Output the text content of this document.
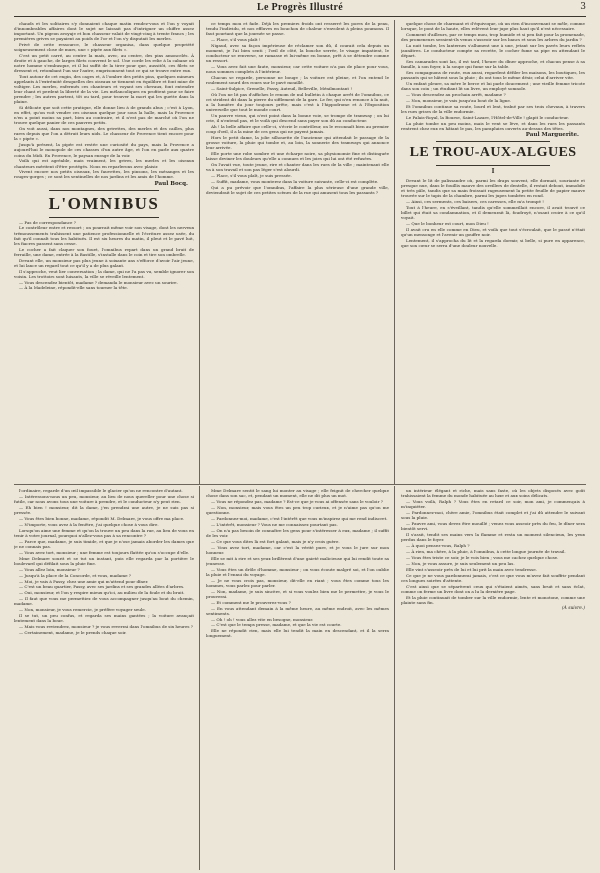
Le Progrès Illustré	3

chauds et les solitaires s'y donnaient chaque matin rendez-vous et l'on y voyait d'innombrables affaires dont le sujet ne laissait pas d'intriguer un chiffre assez important. Un pigeon avoyaje et bon chasseur valait de vingt-cinq à trente francs ; les premières grives se payaient au poids de l'or et l'on s'y disputait les merles.

Privé de cette ressource, le chasseur organisa, dans quelque propriété soigneusement close de murs, une « pipée aux filets ».

C'est un petit carré, au centre la maïs, avec, au centre, des pins amoncelés. À droite et à gauche, de larges filets couvrent le sol. Une corde les relie à la cabane où notre homme s'embusque, et il lui suffit de la tirer pour que, aussitôt, ces filets se dressent et, retombant l'un sur l'autre, emprisonnent tout ce qui se trouve entre eux.

Tout autour de cet engin, des cages et, à l'ombre des petits pins, quelques mineurs appelants à l'extrémité desquelles des oiseaux se tiennent en équilibre et font mine de voltiger. Les merles, enfermés ces chanteurs et voyant ses chevaux, font entendre leur chant et perdent la liberté de la vie. Les mélancoliques en profitent pour se faire prendre ; les autres partent, tôt ou tard, pour trouver la mort qui les guette dans la plaine.

Si délicate que soit cette pratique, elle donne lieu à de grands abus ; c'est à Lyon, en effet, qu'on voit vendre ces oiseaux quelque jour sous la halle, mais la Provence n'en a point moins sa part, bien au contraire, et il n'est pas de marché où l'on ne trouve quelque panier de ces pauvres petits.

On voit aussi, dans nos montagnes, des grivettes, des merles et des cailles, plus rares depuis que l'on a détruit leurs nids. Le chasseur de Provence tient encore pour la « pipée ».

Jusqu'à présent, la pipée est restée une curiosité du pays, mais la Provence a aujourd'hui le monopole de ces chasses d'un autre âge, et l'on en parle aux quatre coins du Midi. En Provence, le paysan enrage de la voir.

Voilà qui est agréable, mais vraiment, les grives, les merles et les oiseaux chanteurs méritent d'être protégés. Nous en reparlerons avec plaisir.

Vivent encore nos petits oiseaux, les fauvettes, les pinsons, les mésanges et les rouges-gorges ; ce sont les sentinelles de nos jardins et les amis de l'homme.

Paul Bocq.
L'OMNIBUS

— Pas de correspondance ?

Le contrôleur entre et ressort ; on pourrait même voir son visage, dont les nerveux trémoussements trahissent une patience professionnelle et l'écriture assez usée, du fait qu'il connaît tous les habitués. Il est six heures du matin, il pleut et le pavé luit, les fiacres passent sans cesse.

Le cocher a fait claquer son fouet, l'omnibus repart dans un grand bruit de ferraille, une dame, entrée à la Bastille, s'installe dans le coin et tire son ombrelle.

Devant elle, un monsieur pas plus jeune à soixante ans s'efforce d'avoir l'air jeune, et lui lance un regard tout ce qu'il y a de plus galant.

Il s'approche, veut lier conversation ; la dame, qui ne l'a pas vu, semble ignorer son voisin. Les trottoirs sont luisants, la ville se réveille lentement.

— Vous descendez bientôt, madame ? demanda le monsieur avec un sourire.

— À la Madeleine, répondit-elle sans tourner la tête.

ce temps mou et fade. Déjà les premiers froids ont resserré les pores de la peau, tendu l'individu, et nos effluves en bouchon de chaleur s'envolent à pleins poumons. Il faut pourtant que la journée se passe.

— Place, s'il vous plaît !

Nigaud, avec sa façon impérieuse de réclamer son dû, il courait cela depuis un moment, je l'ai bien senti ; l'œil de côté, la bouche serrée, le visage impatient, le conducteur se renverse, se ramasse et lui-même en bonne, prêt à se détendre comme un ressort.

— Vous avez fait une faute, monsieur, car cette voiture n'a pas de place pour vous, nous sommes complets à l'intérieur.

Chacun se regarde, personne ne bouge ; la voiture est pleine, et l'on entend le roulement sourd des roues sur le pavé mouillé.

— Saint-Sulpice, Grenelle, Passy, Auteuil, Belleville, Ménilmontant !

Où l'on ne lit pas d'affiches le renom de nul bulletin à chaque arrêt de l'omnibus, ce cri strident dit dans la pierre du sifflement de la gare. Le fer, qui n'en renonce à la nuit, a la lumière du jour toujours prête, mais c'est à l'hippodrome et à l'Exposition universelle que tout le monde court.

Un pauvre vieux, qui n'est point dans la bonne voie, se trompe de tramway ; on lui crie, il n'entend pas, et le voilà qui descend sans payer son dû au conducteur.

Ah ! la belle affaire que celle-ci, s'écrie le contrôleur, on le reconnaît bien au premier coup d'œil, il a la mine de ces gens qui ne payent jamais.

Hors le petit dame, la jolie silhouette de l'ancienne qui attendait le passage de la grosse voiture, la pluie qui tombe et, au loin, la sonnerie des tramways qui annonce leur arrivée.

Elle porte une robe sombre et une écharpe noire, sa physionomie fine et distinguée laisse deviner les douleurs qu'elle a connues et les joies qui lui ont été refusées.

On l'avait vue, toute jeune, rire et chanter dans les rues de la ville ; maintenant elle va à son travail et son pas léger s'est alourdi.

— Place, s'il vous plaît, je suis pressée.

— Suffit, madame, vous monterez dans la voiture suivante, celle-ci est complète.

Qui a pu prévoir que l'omnibus, l'affaire la plus sérieuse d'une grande ville, deviendrait le sujet de ces petites scènes de la rue qui amusent tous les passants ?

quelque chose de charmant et d'équivoque, où un rien d'inconvenant se mêle, comme lorsque, le pont de la haute, elles relèvent leur jupe plus haut qu'il n'est nécessaire.

Comment d'ailleurs, par ce temps mou, trop humide et si peu fait pour la promenade, des promeneurs seraient-ils venus s'asseoir sur les bancs et sous les arbres du jardin ?

La nuit tombe, les lanternes s'allument une à une, jetant sur les pavés leurs reflets jaunâtres. Le conducteur compte sa recette, le cocher fume sa pipe en attendant le départ.

Ses camarades sont las, il est tard, l'heure du dîner approche, et chacun pense à sa famille, à son foyer, à la soupe qui fume sur la table.

Ses compagnons de route, eux aussi, regardent défiler les maisons, les boutiques, les passants qui se hâtent sous la pluie ; ils ont tous le même désir, celui d'arriver vite.

Un enfant pleure, sa mère le berce et lui parle doucement ; une vieille femme tricote dans son coin ; un étudiant lit un livre, un employé somnole.

— Vous descendez au prochain arrêt, madame ?

— Non, monsieur, je vais jusqu'au bout de la ligne.

Et l'omnibus continue sa route, lourd et lent, traîné par ses trois chevaux, à travers les rues grises de la ville endormie.

Le Palais-Royal, la Bourse, Saint-Lazare, l'Hôtel-de-Ville ! glapit le conducteur.

La pluie tombe un peu moins, mais le vent se lève, et dans les rues les passants rentrent chez eux en hâtant le pas, les parapluies ouverts au-dessus des têtes.

Paul Marguerite.
LE TROU-AUX-ALGUES
I

Devant le lit de palissandre où, parmi les draps souvent, elle dormait, souriante et presque nue, dans le fouillis mauve des oreillers de dentelle, il restait debout, immobile et très pâle, tandis que sa main froissait rageusement la petite feuille de papier mauve trouvée sur le tapis de la chambre, parmi les jupes tombées en rond.

— Ainsi, ces serments, ces baisers, ces caresses, elle m'a trompé !

Tout à l'heure, en s'éveillant, tandis qu'elle sommeillait encore, il avait trouvé ce billet qui était sa condamnation, et il demeurait là, foudroyé, n'osant croire à ce qu'il voyait.

— Que le bonheur est court, mon Dieu !

Il avait cru en elle comme en Dieu, et voilà que tout s'écroulait, que le passé n'était qu'un mensonge et l'avenir un gouffre noir.

Lentement, il s'approcha du lit et la regarda dormir, si belle, si pure en apparence, que son cœur se serra d'une douleur nouvelle.

l'ordinaire, regarde d'un œil impassible le glacier qu'on ne rencontre d'autant.

— Intéressons-nous un peu, monsieur, au lieu de nous quereller pour une chose si futile, car nous avons tous une voiture à prendre, et le conducteur n'y peut rien.

— Eh bien ! monsieur, dit la dame, j'en prendrai une autre, je ne suis pas si pressée.

— Vous êtes bien bonne, madame, répondit M. Delmare, je vous offre ma place.

— N'importe, vous avez à la fenêtre, j'ai quelque chose à vous dire.

Lorsqu'on aime une femme et qu'on la trouve un peu dans la rue, au lieu de vous en tenir à votre journal, pourquoi n'allez-vous pas à sa rencontre ?

— Parce que, madame, je suis timide, et que je n'ose jamais aborder les dames que je ne connais pas.

— Vous avez tort, monsieur ; une femme est toujours flattée qu'on s'occupe d'elle.

Mme Delmare sourit et se tut un instant, puis elle regarda par la portière le boulevard qui défilait sous la pluie fine.

— Vous allez loin, monsieur ?

— Jusqu'à la place de la Concorde, et vous, madame ?

— Moi, je vais à Passy, chez une amie qui m'attend pour dîner.

— C'est un beau quartier, Passy, avec ses jardins et ses grandes allées d'arbres.

— Oui, monsieur, et l'on y respire mieux qu'ici, au milieu de la foule et du bruit.

— Il faut que vous me permettiez de vous accompagner jusqu'au bout du chemin, madame.

— Non, monsieur, je vous remercie, je préfère voyager seule.

Il se tut, un peu confus, et regarda ses mains gantées ; la voiture avançait lentement dans la boue.

— Mais vous reviendrez, monsieur ? je vous reverrai dans l'omnibus de six heures ?

— Certainement, madame, je le prends chaque soir.

Mme Delmare sentit le sang lui monter au visage ; elle feignit de chercher quelque chose dans son sac, et, pendant un moment, elle ne dit plus un mot.

— Vous ne répondez pas, madame ? Est-ce que je vous ai offensée sans le vouloir ?

— Non, monsieur, mais vous êtes un peu trop curieux, et je n'aime pas qu'on me questionne.

— Pardonnez-moi, madame, c'est l'intérêt que vous m'inspirez qui me rend indiscret.

— L'intérêt, monsieur ? Vous ne me connaissez pourtant pas.

— On n'a pas besoin de connaître les gens pour s'intéresser à eux, madame ; il suffit de les voir.

— Ce que vous dites là est fort galant, mais je n'y crois guère.

— Vous avez tort, madame, car c'est la vérité pure, et je vous le jure sur mon honneur.

Elle se mit à rire et ses yeux brillèrent d'une gaieté malicieuse qui lui rendit toute sa jeunesse.

— Vous êtes un drôle d'homme, monsieur ; on vous écoute malgré soi, et l'on oublie la pluie et l'ennui du voyage.

— Je ne vous crois pas, monsieur, dit-elle en riant ; vous êtes comme tous les hommes, vous parlez pour parler.

— Non, madame, je suis sincère, et si vous voulez bien me le permettre, je vous le prouverai.

— Et comment me le prouverez-vous ?

— En vous attendant demain à la même heure, au même endroit, avec les mêmes sentiments.

— Oh ! oh ! vous allez vite en besogne, monsieur.

— C'est que le temps presse, madame, et que la vie est courte.

Elle ne répondit rien, mais elle lui tendit la main en descendant, et il la serra longuement.

un intérieur élégant et riche, mais sans faste, où les objets disposés avec goût trahissaient la femme du monde habituée au luxe et aux soins délicats.

— Vous voilà, Ralph ? Vous êtes en retard ce soir, mon ami, je commençais à m'inquiéter.

— Pardonnez-moi, chère amie, l'omnibus était complet et j'ai dû attendre le suivant sous la pluie.

— Pauvre ami, vous devez être mouillé ; venez vous asseoir près du feu, le dîner sera bientôt servi.

Il s'assit, tendit ses mains vers la flamme et resta un moment silencieux, les yeux perdus dans le foyer.

— À quoi pensez-vous, Ralph ?

— À rien, ma chère, à la pluie, à l'omnibus, à cette longue journée de travail.

— Vous êtes triste ce soir, je le vois bien ; vous me cachez quelque chose.

— Non, je vous assure, je suis seulement un peu las.

Elle vint s'asseoir près de lui et lui prit la main avec tendresse.

Ce que je ne vous pardonnerai jamais, c'est ce que vous m'avez fait souffrir pendant ces longues soirées d'attente.

C'est ainsi que se séparèrent ceux qui s'étaient aimés, sans bruit et sans éclat, comme on ferme un livre dont on a lu la dernière page.

Et la pluie continuait de tomber sur la ville endormie, lente et monotone, comme une plainte sans fin.

(A suivre.)
